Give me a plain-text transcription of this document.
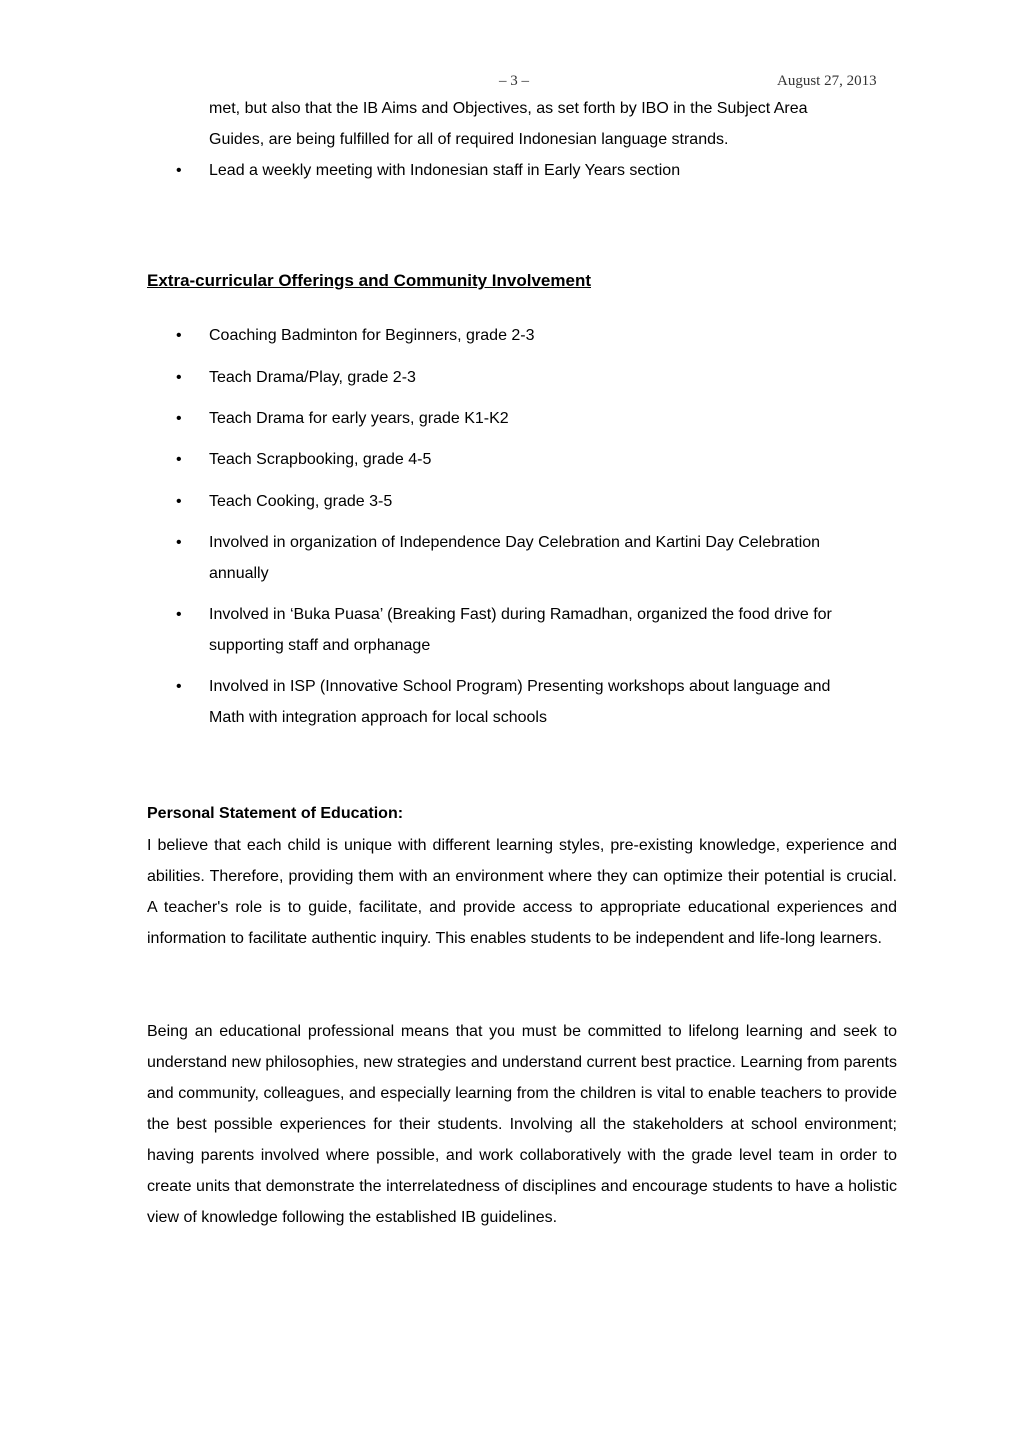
– 3 –	August 27, 2013
met, but also that the IB Aims and Objectives, as set forth by IBO in the Subject Area
Guides, are being fulfilled for all of required Indonesian language strands.
• Lead a weekly meeting with Indonesian staff in Early Years section
Extra-curricular Offerings and Community Involvement
• Coaching Badminton for Beginners, grade 2-3
• Teach Drama/Play, grade 2-3
• Teach Drama for early years, grade K1-K2
• Teach Scrapbooking, grade 4-5
• Teach Cooking, grade 3-5
• Involved in organization of Independence Day Celebration and Kartini Day Celebration
annually
• Involved in ‘Buka Puasa’ (Breaking Fast) during Ramadhan, organized the food drive for
supporting staff and orphanage
• Involved in ISP (Innovative School Program) Presenting workshops about language and
Math with integration approach for local schools
Personal Statement of Education:

I believe that each child is unique with different learning styles, pre-existing knowledge, experience and abilities. Therefore, providing them with an environment where they can optimize their potential is crucial. A teacher's role is to guide, facilitate, and provide access to appropriate educational experiences and information to facilitate authentic inquiry. This enables students to be independent and life-long learners.

Being an educational professional means that you must be committed to lifelong learning and seek to understand new philosophies, new strategies and understand current best practice. Learning from parents and community, colleagues, and especially learning from the children is vital to enable teachers to provide the best possible experiences for their students. Involving all the stakeholders at school environment; having parents involved where possible, and work collaboratively with the grade level team in order to create units that demonstrate the interrelatedness of disciplines and encourage students to have a holistic view of knowledge following the established IB guidelines.
